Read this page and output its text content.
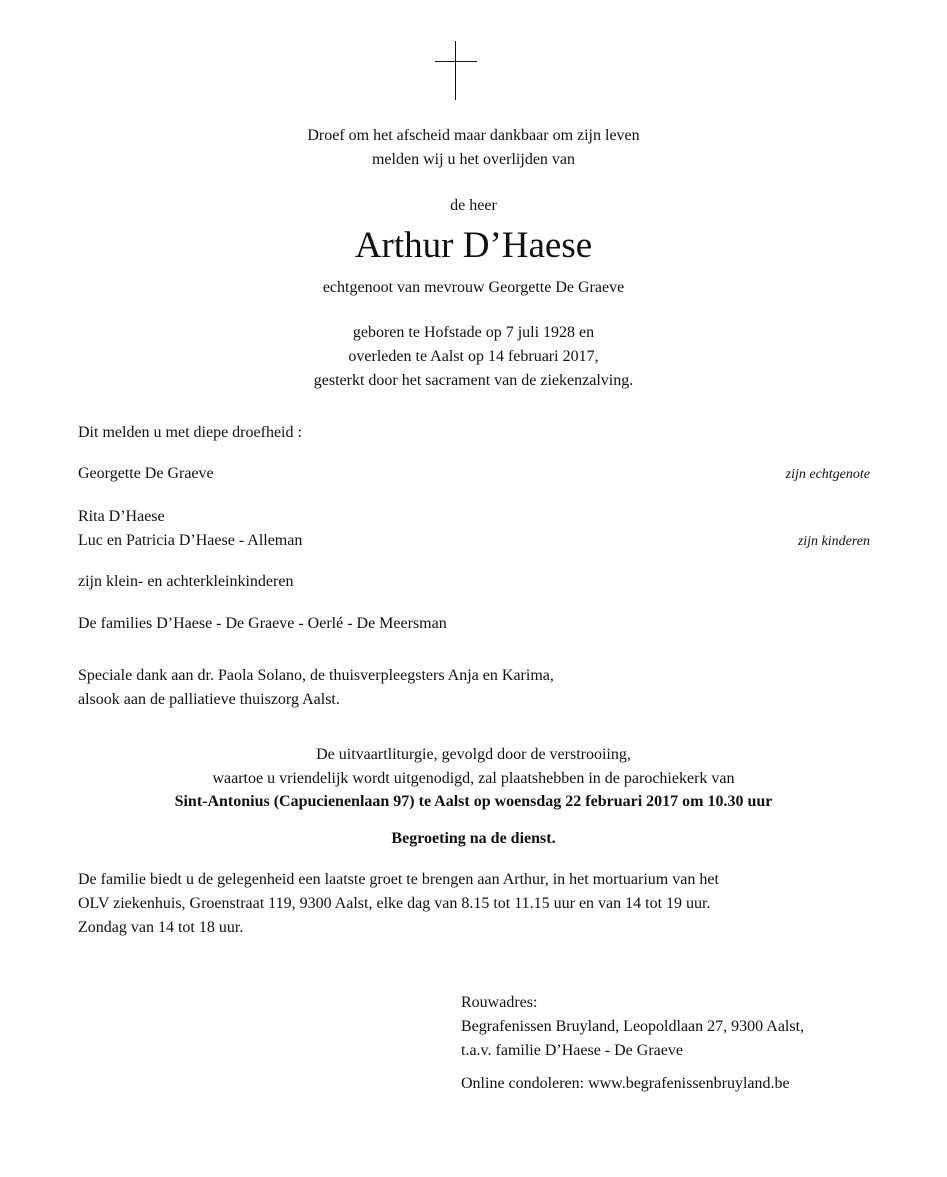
Droef om het afscheid maar dankbaar om zijn leven
melden wij u het overlijden van
de heer
Arthur D’Haese
echtgenoot van mevrouw Georgette De Graeve
geboren te Hofstade op 7 juli 1928 en
overleden te Aalst op 14 februari 2017,
gesterkt door het sacrament van de ziekenzalving.
Dit melden u met diepe droefheid :
Georgette De Graeve	zijn echtgenote
Rita D’Haese
Luc en Patricia D’Haese - Alleman	zijn kinderen
zijn klein- en achterkleinkinderen
De families D’Haese - De Graeve - Oerlé - De Meersman
Speciale dank aan dr. Paola Solano, de thuisverpleegsters Anja en Karima,
alsook aan de palliatieve thuiszorg Aalst.
De uitvaartliturgie, gevolgd door de verstrooiing,
waartoe u vriendelijk wordt uitgenodigd, zal plaatshebben in de parochiekerk van
Sint-Antonius (Capucienenlaan 97) te Aalst op woensdag 22 februari 2017 om 10.30 uur
Begroeting na de dienst.
De familie biedt u de gelegenheid een laatste groet te brengen aan Arthur, in het mortuarium van het
OLV ziekenhuis, Groenstraat 119, 9300 Aalst, elke dag van 8.15 tot 11.15 uur en van 14 tot 19 uur.
Zondag van 14 tot 18 uur.
Rouwadres:
Begrafenissen Bruyland, Leopoldlaan 27, 9300 Aalst,
t.a.v. familie D’Haese - De Graeve
Online condoleren: www.begrafenissenbruyland.be
